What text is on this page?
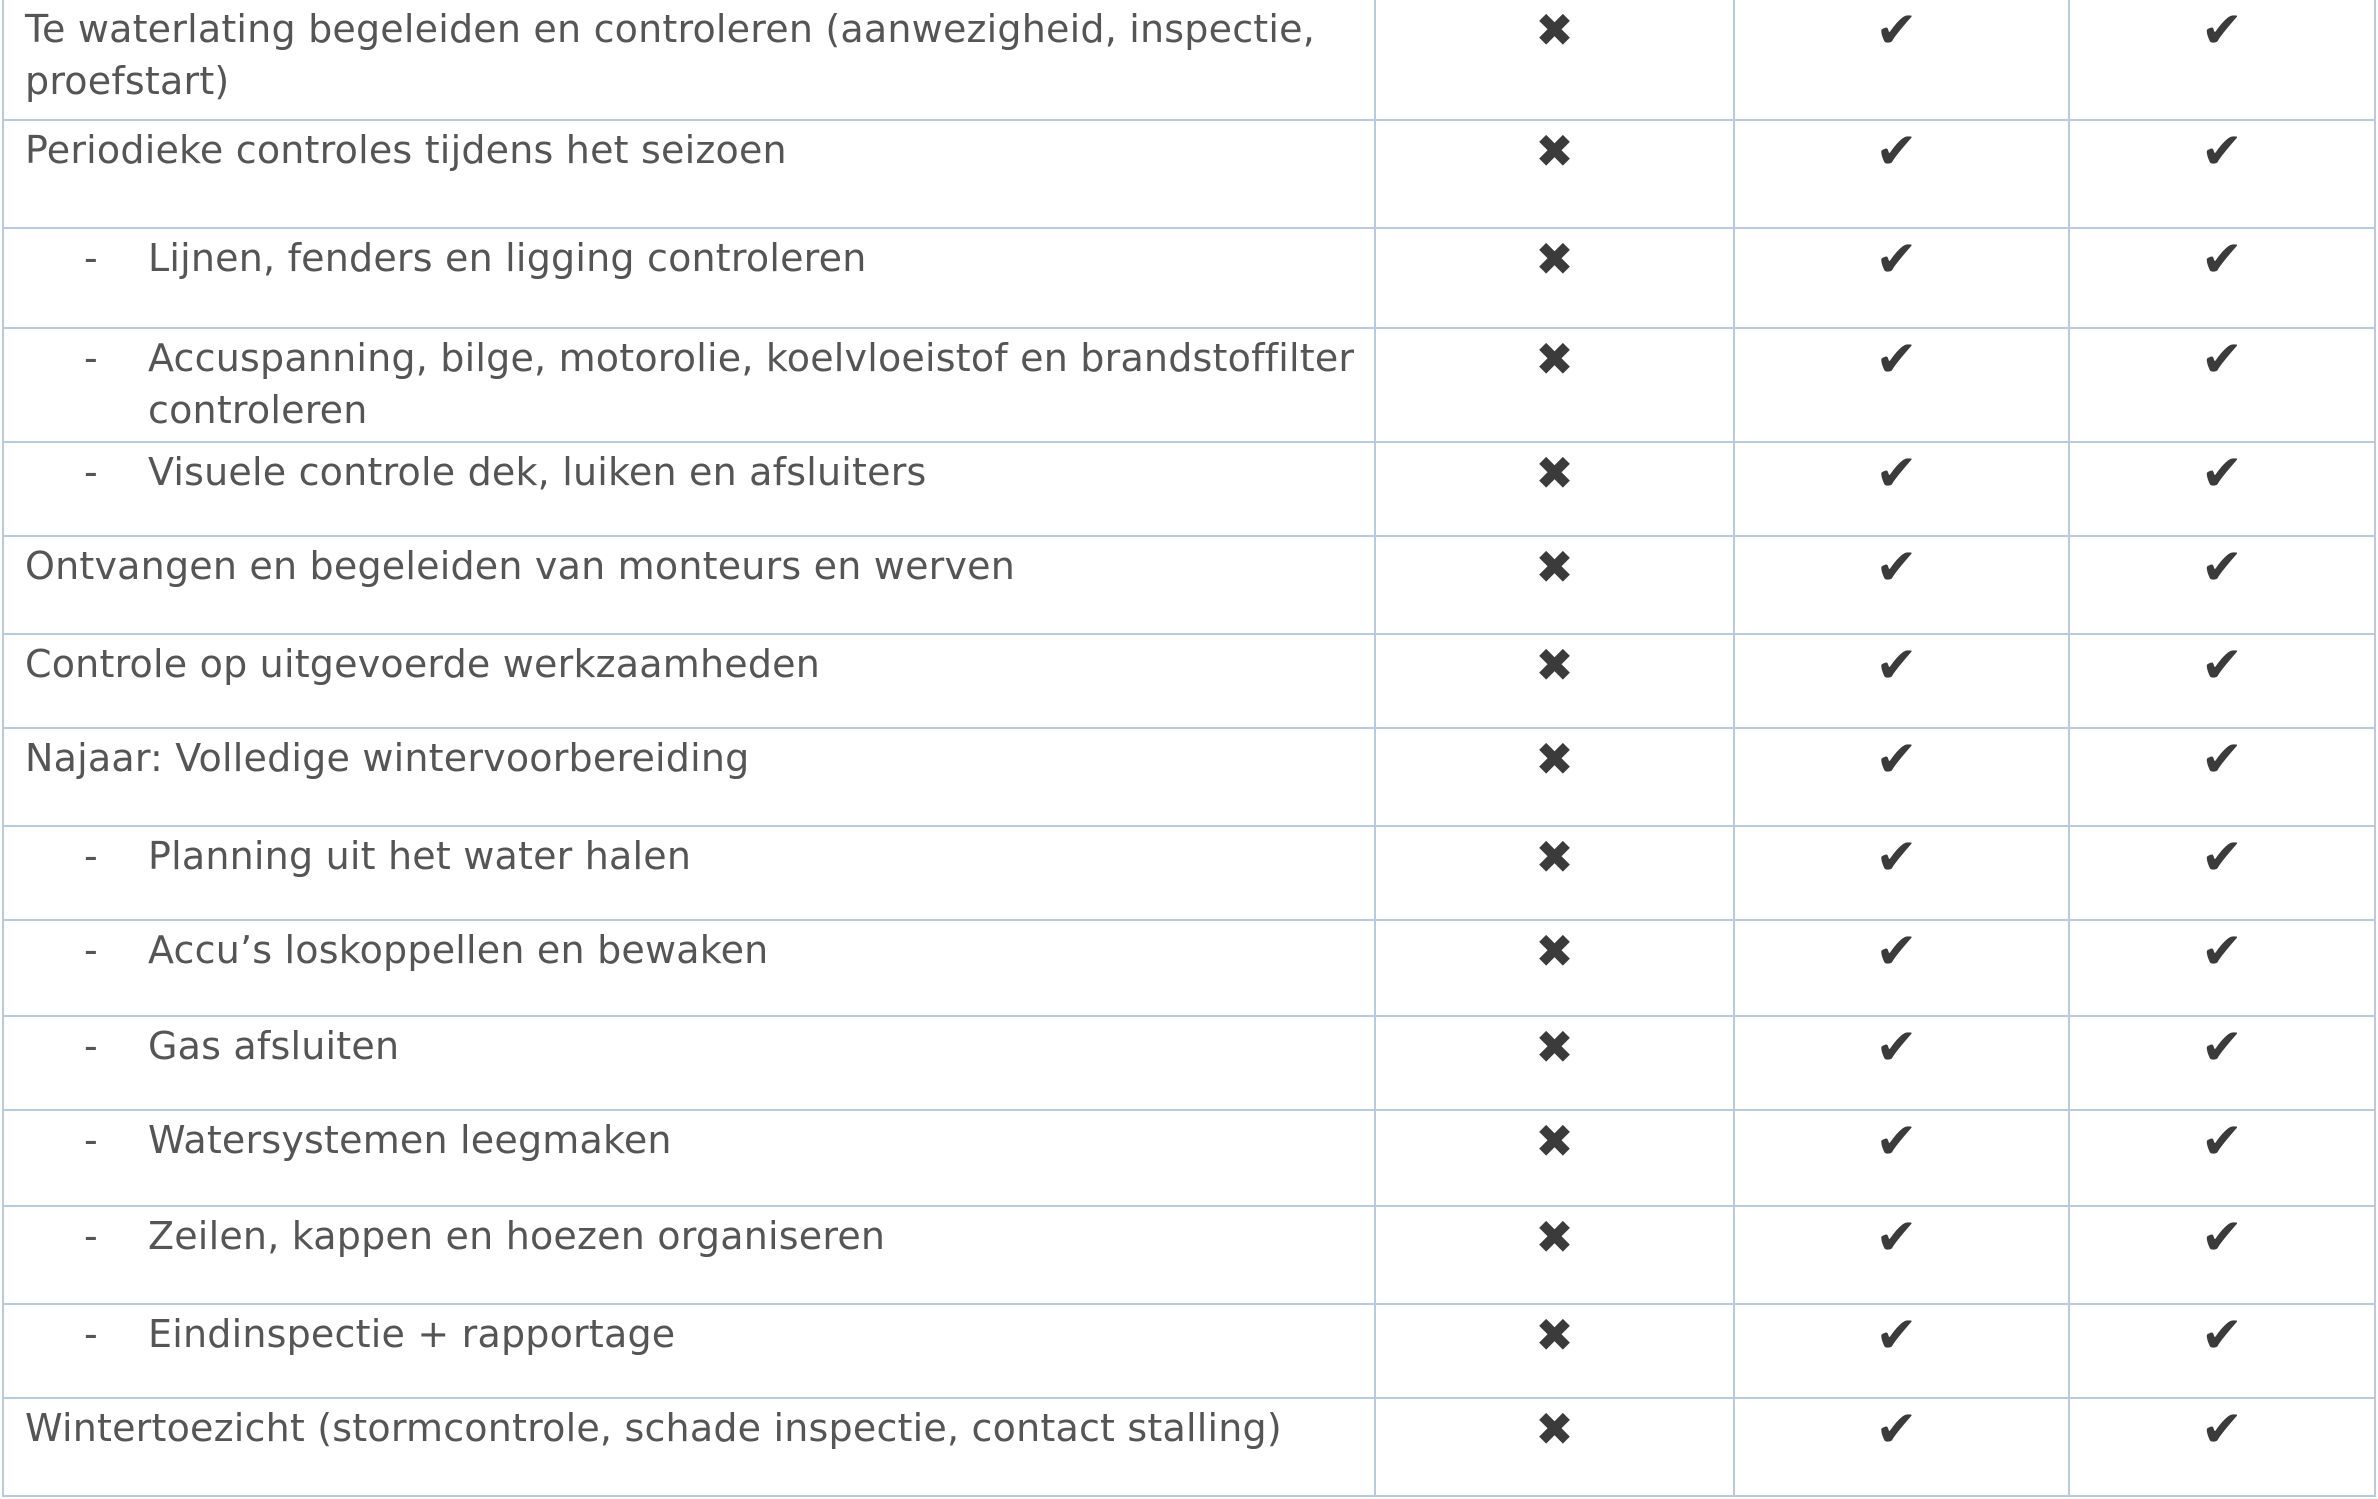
Te waterlating begeleiden en controleren (aanwezigheid, inspectie, proefstart)	✖	✔	✔

Periodieke controles tijdens het seizoen	✖	✔	✔

- Lijnen, fenders en ligging controleren	✖	✔	✔

- Accuspanning, bilge, motorolie, koelvloeistof en brandstoffilter controleren	✖	✔	✔

- Visuele controle dek, luiken en afsluiters	✖	✔	✔

Ontvangen en begeleiden van monteurs en werven	✖	✔	✔

Controle op uitgevoerde werkzaamheden	✖	✔	✔

Najaar: Volledige wintervoorbereiding	✖	✔	✔

- Planning uit het water halen	✖	✔	✔

- Accu’s loskoppellen en bewaken	✖	✔	✔

- Gas afsluiten	✖	✔	✔

- Watersystemen leegmaken	✖	✔	✔

- Zeilen, kappen en hoezen organiseren	✖	✔	✔

- Eindinspectie + rapportage	✖	✔	✔

Wintertoezicht (stormcontrole, schade inspectie, contact stalling)	✖	✔	✔
